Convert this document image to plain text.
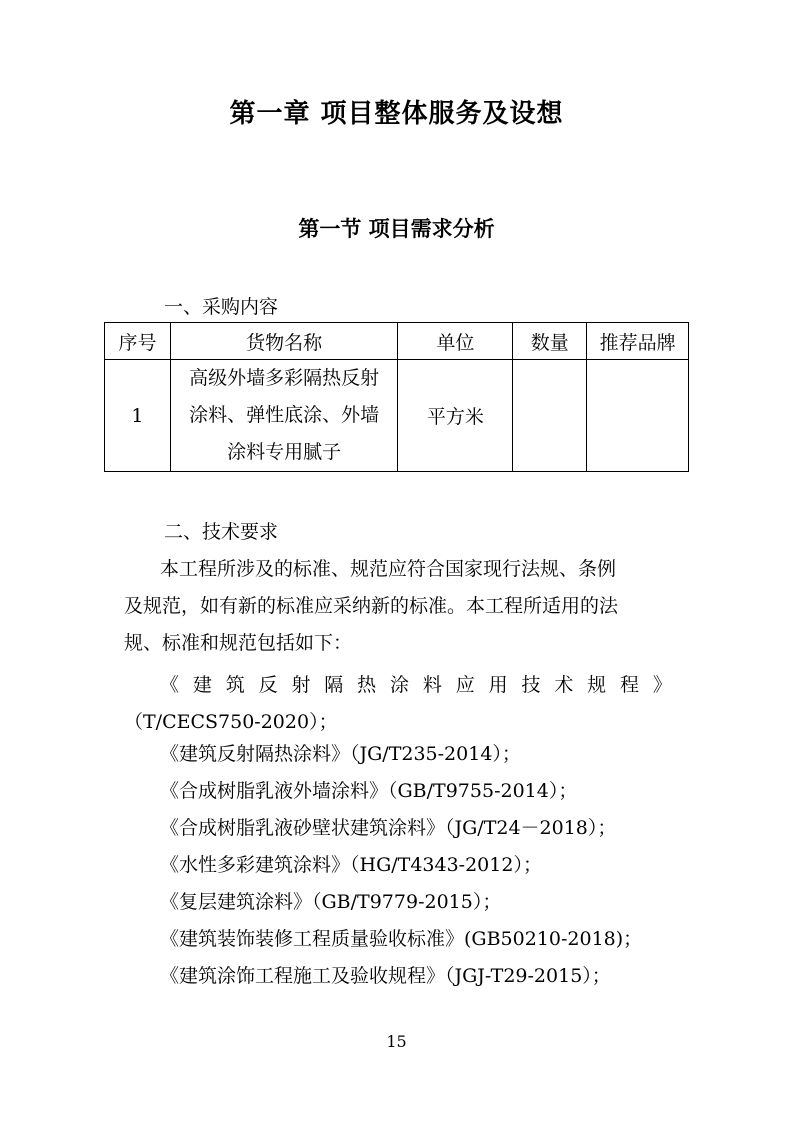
第一章 项目整体服务及设想
第一节 项目需求分析
一、采购内容
序号	货物名称	单位	数量	推荐品牌
1	高级外墙多彩隔热反射
涂料、弹性底涂、外墙
涂料专用腻子	平方米		
二、技术要求
本工程所涉及的标准、规范应符合国家现行法规、条例
及规范，如有新的标准应采纳新的标准。本工程所适用的法
规、标准和规范包括如下：
《 建 筑 反 射 隔 热 涂 料 应 用 技 术 规 程 》
（T/CECS750-2020）；
《建筑反射隔热涂料》（JG/T235-2014）；
《合成树脂乳液外墙涂料》（GB/T9755-2014）；
《合成树脂乳液砂壁状建筑涂料》（JG/T24－2018）；
《水性多彩建筑涂料》（HG/T4343-2012）；
《复层建筑涂料》（GB/T9779-2015）；
《建筑装饰装修工程质量验收标准》(GB50210-2018)；
《建筑涂饰工程施工及验收规程》（JGJ-T29-2015）；
15
